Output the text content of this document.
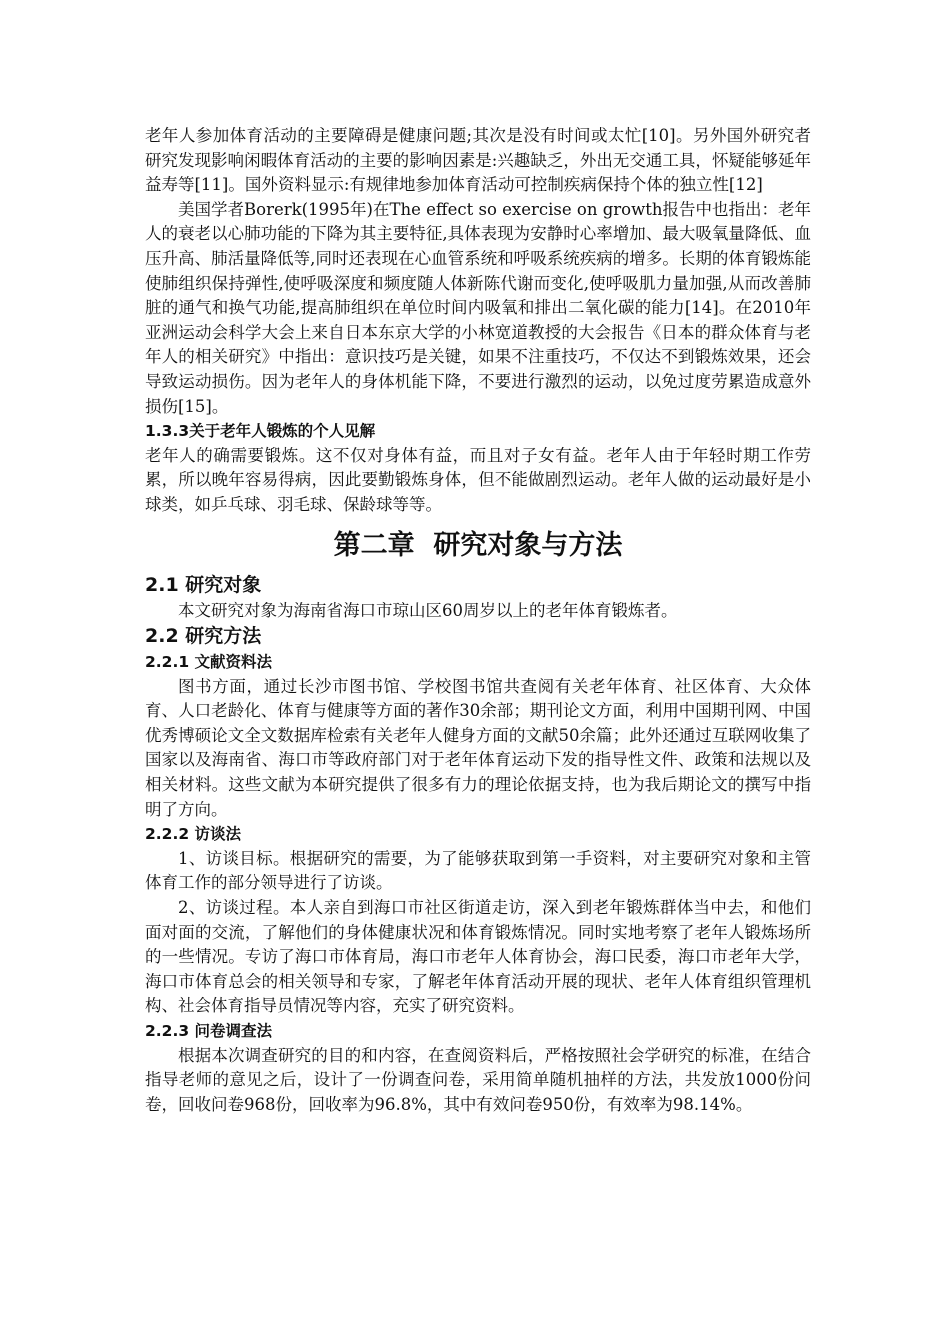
老年人参加体育活动的主要障碍是健康问题;其次是没有时间或太忙[10]。另外国外研究者研究发现影响闲暇体育活动的主要的影响因素是:兴趣缺乏，外出无交通工具，怀疑能够延年益寿等[11]。国外资料显示:有规律地参加体育活动可控制疾病保持个体的独立性[12]

美国学者Borerk(1995年)在The effect so exercise on growth报告中也指出：老年人的衰老以心肺功能的下降为其主要特征,具体表现为安静时心率增加、最大吸氧量降低、血压升高、肺活量降低等,同时还表现在心血管系统和呼吸系统疾病的增多。长期的体育锻炼能使肺组织保持弹性,使呼吸深度和频度随人体新陈代谢而变化,使呼吸肌力量加强,从而改善肺脏的通气和换气功能,提高肺组织在单位时间内吸氧和排出二氧化碳的能力[14]。在2010年亚洲运动会科学大会上来自日本东京大学的小林宽道教授的大会报告《日本的群众体育与老年人的相关研究》中指出：意识技巧是关键，如果不注重技巧，不仅达不到锻炼效果，还会导致运动损伤。因为老年人的身体机能下降，不要进行激烈的运动，以免过度劳累造成意外损伤[15]。

1.3.3关于老年人锻炼的个人见解

老年人的确需要锻炼。这不仅对身体有益，而且对子女有益。老年人由于年轻时期工作劳累，所以晚年容易得病，因此要勤锻炼身体，但不能做剧烈运动。老年人做的运动最好是小球类，如乒乓球、羽毛球、保龄球等等。

第二章  研究对象与方法

2.1 研究对象

本文研究对象为海南省海口市琼山区60周岁以上的老年体育锻炼者。

2.2 研究方法

2.2.1 文献资料法

图书方面，通过长沙市图书馆、学校图书馆共查阅有关老年体育、社区体育、大众体育、人口老龄化、体育与健康等方面的著作30余部；期刊论文方面，利用中国期刊网、中国优秀博硕论文全文数据库检索有关老年人健身方面的文献50余篇；此外还通过互联网收集了国家以及海南省、海口市等政府部门对于老年体育运动下发的指导性文件、政策和法规以及相关材料。这些文献为本研究提供了很多有力的理论依据支持，也为我后期论文的撰写中指明了方向。

2.2.2 访谈法

1、访谈目标。根据研究的需要，为了能够获取到第一手资料，对主要研究对象和主管体育工作的部分领导进行了访谈。

2、访谈过程。本人亲自到海口市社区街道走访，深入到老年锻炼群体当中去，和他们面对面的交流，了解他们的身体健康状况和体育锻炼情况。同时实地考察了老年人锻炼场所的一些情况。专访了海口市体育局，海口市老年人体育协会，海口民委，海口市老年大学，海口市体育总会的相关领导和专家，了解老年体育活动开展的现状、老年人体育组织管理机构、社会体育指导员情况等内容，充实了研究资料。

2.2.3 问卷调查法

根据本次调查研究的目的和内容，在查阅资料后，严格按照社会学研究的标准，在结合指导老师的意见之后，设计了一份调查问卷，采用简单随机抽样的方法，共发放1000份问卷，回收问卷968份，回收率为96.8%，其中有效问卷950份，有效率为98.14%。
